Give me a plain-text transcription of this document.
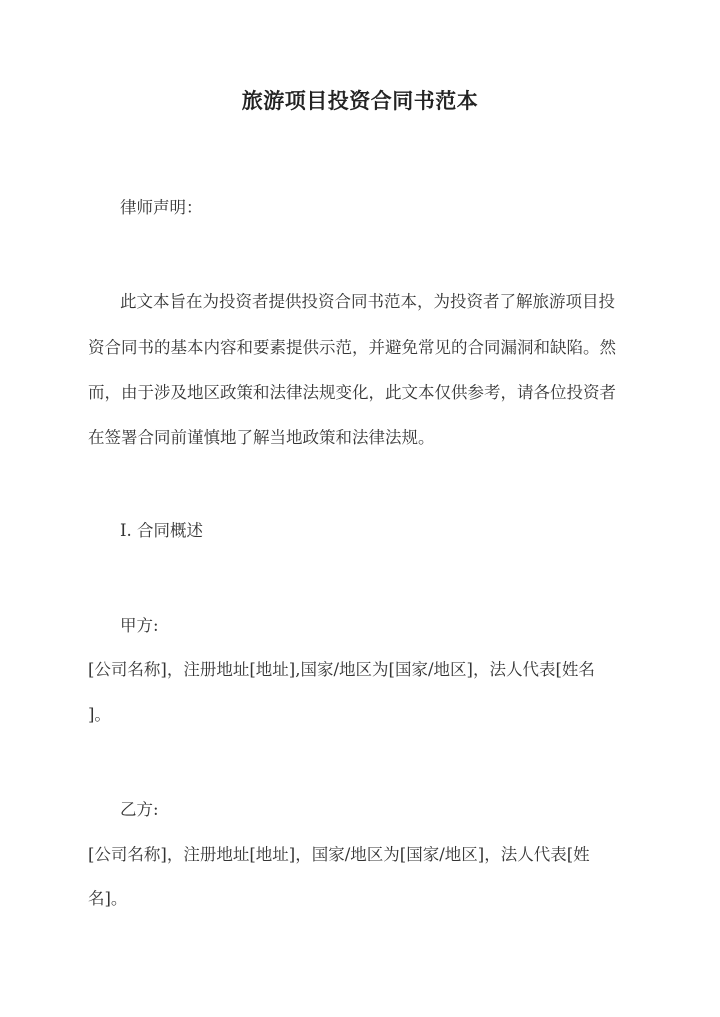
旅游项目投资合同书范本
律师声明：
此文本旨在为投资者提供投资合同书范本，为投资者了解旅游项目投
资合同书的基本内容和要素提供示范，并避免常见的合同漏洞和缺陷。然
而，由于涉及地区政策和法律法规变化，此文本仅供参考，请各位投资者
在签署合同前谨慎地了解当地政策和法律法规。
I. 合同概述
甲方:
[公司名称]，注册地址[地址],国家/地区为[国家/地区]，法人代表[姓名
]。
乙方:
[公司名称]，注册地址[地址]，国家/地区为[国家/地区]，法人代表[姓
名]。
